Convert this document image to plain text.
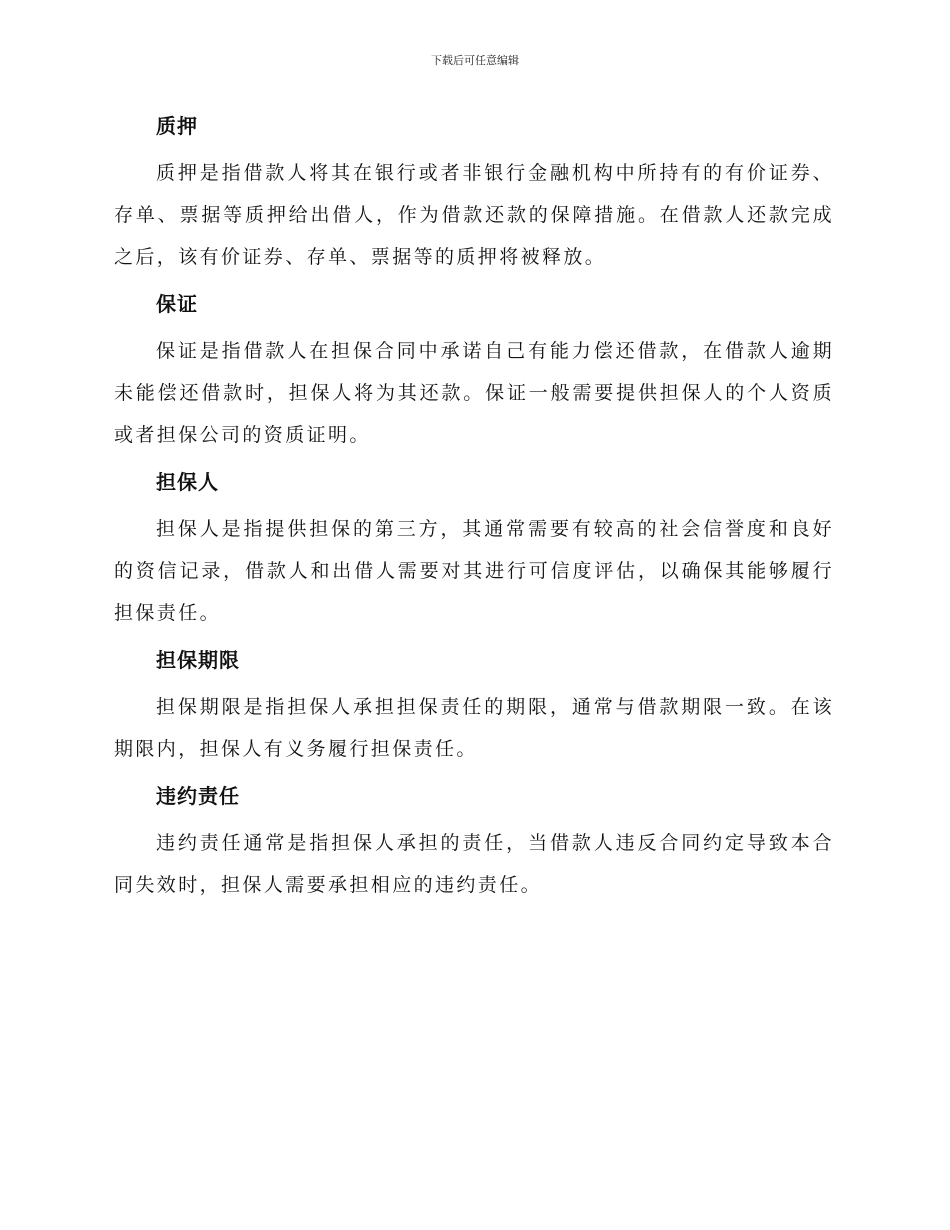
下载后可任意编辑
质押

质押是指借款人将其在银行或者非银行金融机构中所持有的有价证券、存单、票据等质押给出借人，作为借款还款的保障措施。在借款人还款完成之后，该有价证券、存单、票据等的质押将被释放。

保证

保证是指借款人在担保合同中承诺自己有能力偿还借款，在借款人逾期未能偿还借款时，担保人将为其还款。保证一般需要提供担保人的个人资质或者担保公司的资质证明。

担保人

担保人是指提供担保的第三方，其通常需要有较高的社会信誉度和良好的资信记录，借款人和出借人需要对其进行可信度评估，以确保其能够履行担保责任。

担保期限

担保期限是指担保人承担担保责任的期限，通常与借款期限一致。在该期限内，担保人有义务履行担保责任。

违约责任

违约责任通常是指担保人承担的责任，当借款人违反合同约定导致本合同失效时，担保人需要承担相应的违约责任。
